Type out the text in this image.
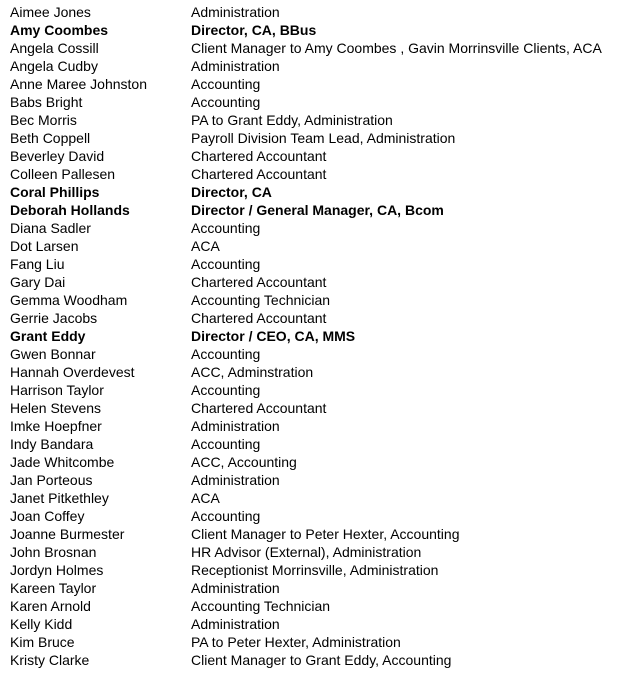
Aimee Jones	Administration
Amy Coombes	Director, CA, BBus
Angela Cossill	Client Manager to Amy Coombes , Gavin Morrinsville Clients, ACA
Angela Cudby	Administration
Anne Maree Johnston	Accounting
Babs Bright	Accounting
Bec Morris	PA to Grant Eddy, Administration
Beth Coppell	Payroll Division Team Lead, Administration
Beverley David	Chartered Accountant
Colleen Pallesen	Chartered Accountant
Coral Phillips	Director, CA
Deborah Hollands	Director / General Manager, CA, Bcom
Diana Sadler	Accounting
Dot Larsen	ACA
Fang Liu	Accounting
Gary Dai	Chartered Accountant
Gemma Woodham	Accounting Technician
Gerrie Jacobs	Chartered Accountant
Grant Eddy	Director / CEO, CA, MMS
Gwen Bonnar	Accounting
Hannah Overdevest	ACC, Adminstration
Harrison Taylor	Accounting
Helen Stevens	Chartered Accountant
Imke Hoepfner	Administration
Indy Bandara	Accounting
Jade Whitcombe	ACC, Accounting
Jan Porteous	Administration
Janet Pitkethley	ACA
Joan Coffey	Accounting
Joanne Burmester	Client Manager to Peter Hexter, Accounting
John Brosnan	HR Advisor (External), Administration
Jordyn Holmes	Receptionist Morrinsville, Administration
Kareen Taylor	Administration
Karen Arnold	Accounting Technician
Kelly Kidd	Administration
Kim Bruce	PA to Peter Hexter, Administration
Kristy Clarke	Client Manager to Grant Eddy, Accounting
